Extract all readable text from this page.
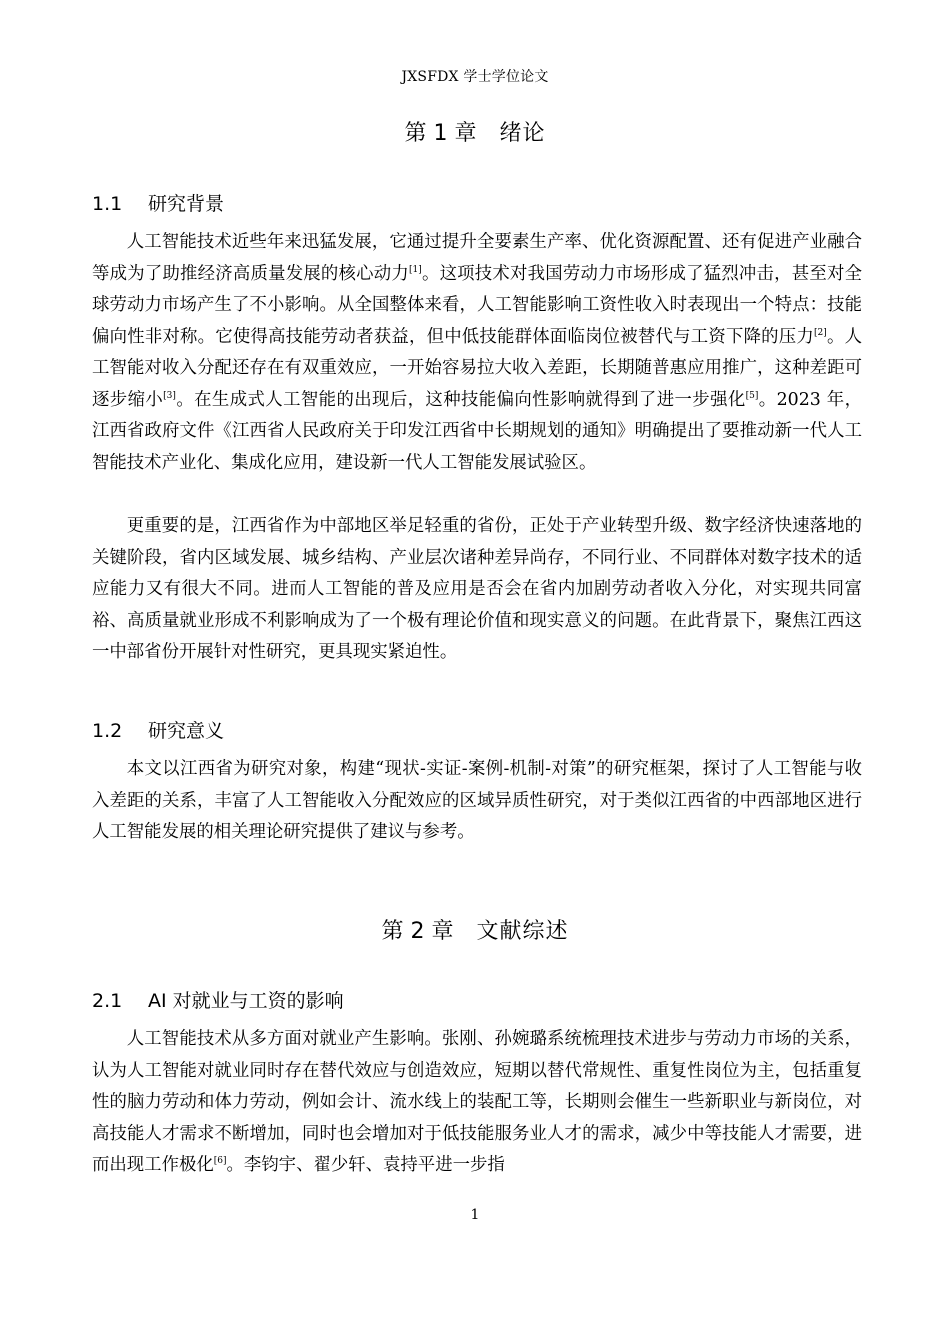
JXSFDX 学士学位论文
第 1 章 绪论
1.1 研究背景

人工智能技术近些年来迅猛发展，它通过提升全要素生产率、优化资源配置、还有促进产业融合等成为了助推经济高质量发展的核心动力[1]。这项技术对我国劳动力市场形成了猛烈冲击，甚至对全球劳动力市场产生了不小影响。从全国整体来看，人工智能影响工资性收入时表现出一个特点：技能偏向性非对称。它使得高技能劳动者获益，但中低技能群体面临岗位被替代与工资下降的压力[2]。人工智能对收入分配还存在有双重效应，一开始容易拉大收入差距，长期随普惠应用推广，这种差距可逐步缩小[3]。在生成式人工智能的出现后，这种技能偏向性影响就得到了进一步强化[5]。2023 年，江西省政府文件《江西省人民政府关于印发江西省中长期规划的通知》明确提出了要推动新一代人工智能技术产业化、集成化应用，建设新一代人工智能发展试验区。

更重要的是，江西省作为中部地区举足轻重的省份，正处于产业转型升级、数字经济快速落地的关键阶段，省内区域发展、城乡结构、产业层次诸种差异尚存，不同行业、不同群体对数字技术的适应能力又有很大不同。进而人工智能的普及应用是否会在省内加剧劳动者收入分化，对实现共同富裕、高质量就业形成不利影响成为了一个极有理论价值和现实意义的问题。在此背景下，聚焦江西这一中部省份开展针对性研究，更具现实紧迫性。

1.2 研究意义

本文以江西省为研究对象，构建“现状-实证-案例-机制-对策”的研究框架，探讨了人工智能与收入差距的关系，丰富了人工智能收入分配效应的区域异质性研究，对于类似江西省的中西部地区进行人工智能发展的相关理论研究提供了建议与参考。

第 2 章 文献综述
2.1 AI 对就业与工资的影响

人工智能技术从多方面对就业产生影响。张刚、孙婉璐系统梳理技术进步与劳动力市场的关系，认为人工智能对就业同时存在替代效应与创造效应，短期以替代常规性、重复性岗位为主，包括重复性的脑力劳动和体力劳动，例如会计、流水线上的装配工等，长期则会催生一些新职业与新岗位，对高技能人才需求不断增加，同时也会增加对于低技能服务业人才的需求，减少中等技能人才需要，进而出现工作极化[6]。李钧宇、翟少轩、袁持平进一步指

1
